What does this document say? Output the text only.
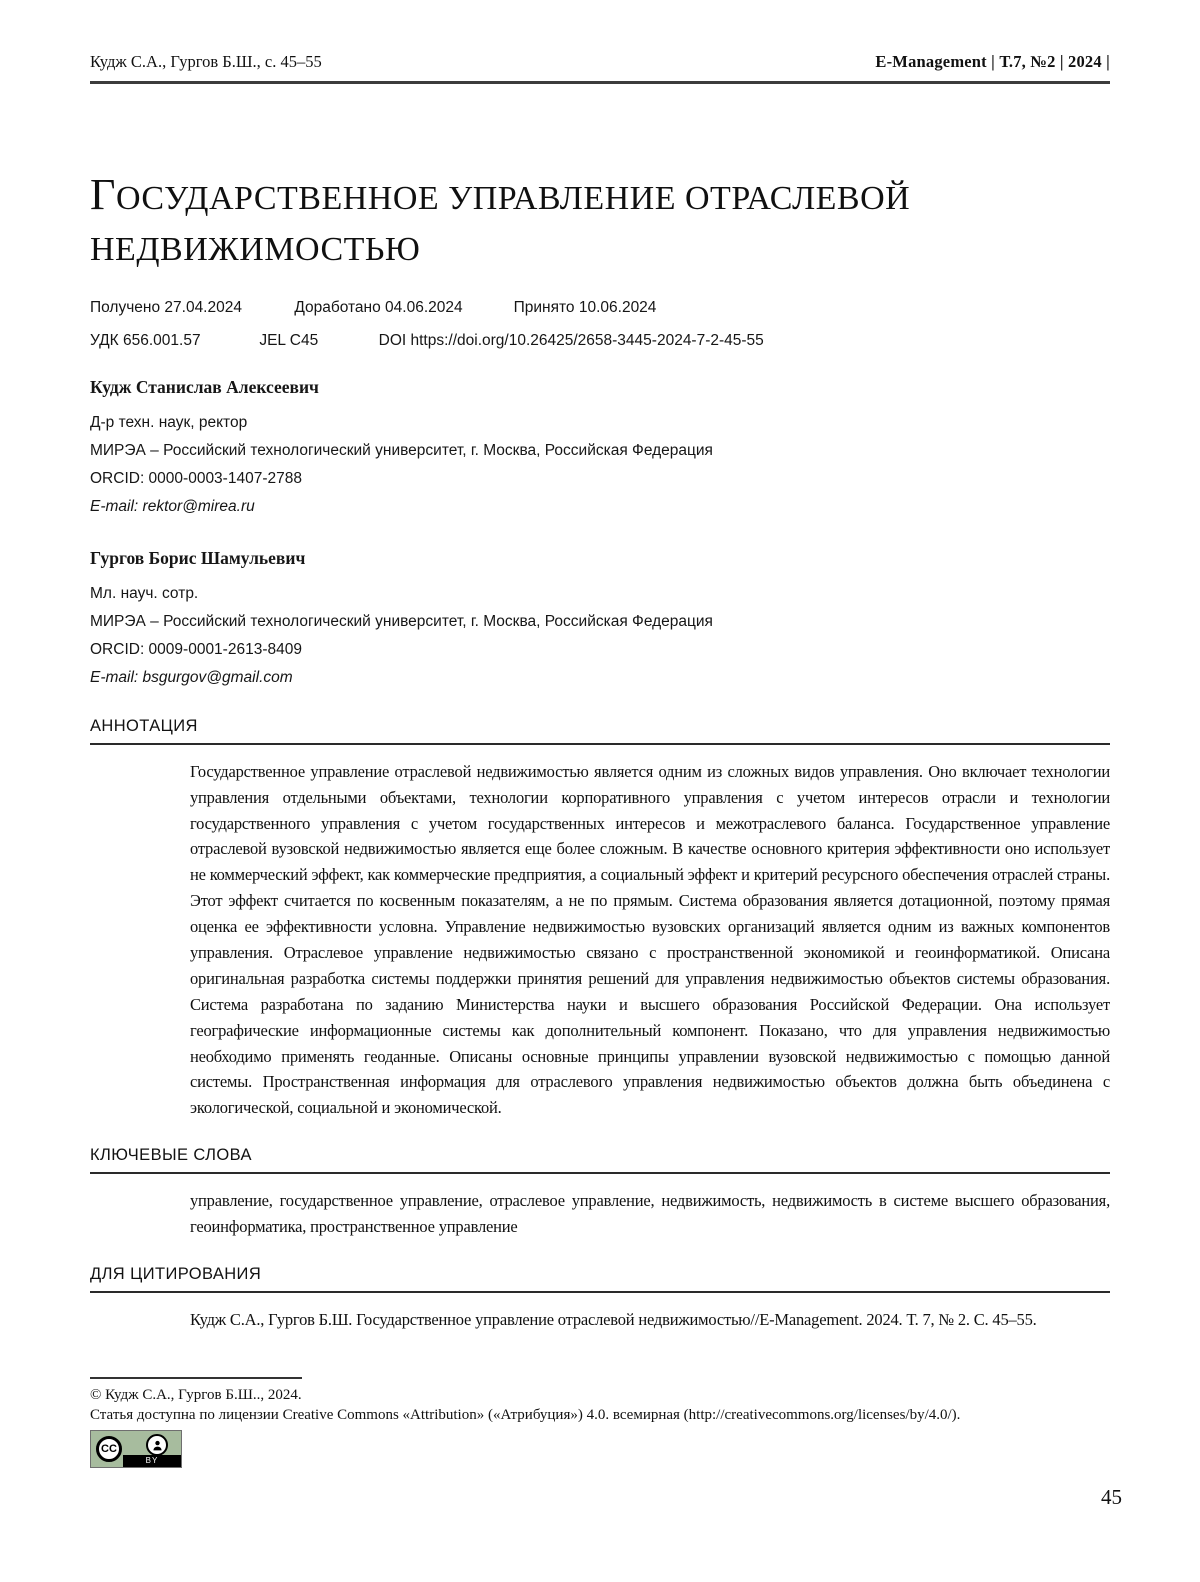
Кудж С.А., Гургов Б.Ш., с. 45–55	E-Management | Т.7, №2 | 2024 |
ГОСУДАРСТВЕННОЕ УПРАВЛЕНИЕ ОТРАСЛЕВОЙ НЕДВИЖИМОСТЬЮ
Получено 27.04.2024	Доработано 04.06.2024	Принято 10.06.2024
УДК 656.001.57	JEL C45	DOI https://doi.org/10.26425/2658-3445-2024-7-2-45-55
Кудж Станислав Алексеевич
Д-р техн. наук, ректор
МИРЭА – Российский технологический университет, г. Москва, Российская Федерация
ORCID: 0000-0003-1407-2788
E-mail: rektor@mirea.ru
Гургов Борис Шамульевич
Мл. науч. сотр.
МИРЭА – Российский технологический университет, г. Москва, Российская Федерация
ORCID: 0009-0001-2613-8409
E-mail: bsgurgov@gmail.com
АННОТАЦИЯ

Государственное управление отраслевой недвижимостью является одним из сложных видов управления. Оно включает технологии управления отдельными объектами, технологии корпоративного управления с учетом интересов отрасли и технологии государственного управления с учетом государственных интересов и межотраслевого баланса. Государственное управление отраслевой вузовской недвижимостью является еще более сложным. В качестве основного критерия эффективности оно использует не коммерческий эффект, как коммерческие предприятия, а социальный эффект и критерий ресурсного обеспечения отраслей страны. Этот эффект считается по косвенным показателям, а не по прямым. Система образования является дотационной, поэтому прямая оценка ее эффективности условна. Управление недвижимостью вузовских организаций является одним из важных компонентов управления. Отраслевое управление недвижимостью связано с пространственной экономикой и геоинформатикой. Описана оригинальная разработка системы поддержки принятия решений для управления недвижимостью объектов системы образования. Система разработана по заданию Министерства науки и высшего образования Российской Федерации. Она использует географические информационные системы как дополнительный компонент. Показано, что для управления недвижимостью необходимо применять геоданные. Описаны основные принципы управлении вузовской недвижимостью с помощью данной системы. Пространственная информация для отраслевого управления недвижимостью объектов должна быть объединена с экологической, социальной и экономической.

КЛЮЧЕВЫЕ СЛОВА

управление, государственное управление, отраслевое управление, недвижимость, недвижимость в системе высшего образования, геоинформатика, пространственное управление

ДЛЯ ЦИТИРОВАНИЯ

Кудж С.А., Гургов Б.Ш. Государственное управление отраслевой недвижимостью//E-Management. 2024. Т. 7, № 2. С. 45–55.

© Кудж С.А., Гургов Б.Ш.., 2024.
Статья доступна по лицензии Creative Commons «Attribution» («Атрибуция») 4.0. всемирная (http://creativecommons.org/licenses/by/4.0/).
CC
BY
45
